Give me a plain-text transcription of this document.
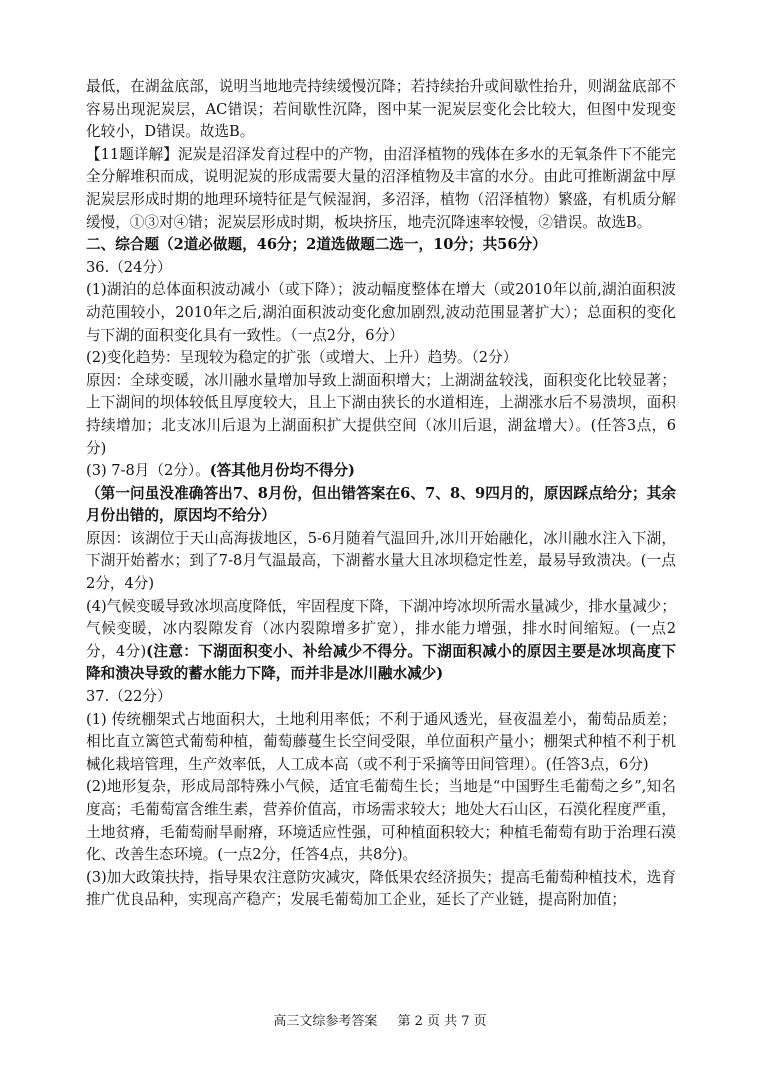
最低，在湖盆底部，说明当地地壳持续缓慢沉降；若持续抬升或间歇性抬升，则湖盆底部不容易出现泥炭层，AC错误；若间歇性沉降，图中某一泥炭层变化会比较大，但图中发现变化较小，D错误。故选B。

【11题详解】泥炭是沼泽发育过程中的产物，由沼泽植物的残体在多水的无氧条件下不能完全分解堆积而成，说明泥炭的形成需要大量的沼泽植物及丰富的水分。由此可推断湖盆中厚泥炭层形成时期的地理环境特征是气候湿润，多沼泽，植物（沼泽植物）繁盛，有机质分解缓慢，①③对④错；泥炭层形成时期，板块挤压，地壳沉降速率较慢，②错误。故选B。

二、综合题（2道必做题，46分；2道选做题二选一，10分；共56分）

36.（24分）

(1)湖泊的总体面积波动减小（或下降）；波动幅度整体在增大（或2010年以前,湖泊面积波动范围较小，2010年之后,湖泊面积波动变化愈加剧烈,波动范围显著扩大）；总面积的变化与下湖的面积变化具有一致性。（一点2分，6分）

(2)变化趋势：呈现较为稳定的扩张（或增大、上升）趋势。（2分）

原因：全球变暖，冰川融水量增加导致上湖面积增大；上湖湖盆较浅，面积变化比较显著；上下湖间的坝体较低且厚度较大，且上下湖由狭长的水道相连，上湖涨水后不易溃坝，面积持续增加；北支冰川后退为上湖面积扩大提供空间（冰川后退，湖盆增大）。(任答3点，6分)

(3) 7-8月（2分）。(答其他月份均不得分)

（第一问虽没准确答出7、8月份，但出错答案在6、7、8、9四月的，原因踩点给分；其余月份出错的，原因均不给分）

原因：该湖位于天山高海拔地区，5-6月随着气温回升,冰川开始融化，冰川融水注入下湖，下湖开始蓄水；到了7-8月气温最高，下湖蓄水量大且冰坝稳定性差，最易导致溃决。(一点2分，4分)

(4)气候变暖导致冰坝高度降低，牢固程度下降，下湖冲垮冰坝所需水量减少，排水量减少；气候变暖，冰内裂隙发育（冰内裂隙增多扩宽），排水能力增强，排水时间缩短。(一点2分，4分)(注意：下湖面积变小、补给减少不得分。下湖面积减小的原因主要是冰坝高度下降和溃决导致的蓄水能力下降，而并非是冰川融水减少)

37.（22分）

(1) 传统棚架式占地面积大，土地利用率低；不利于通风透光，昼夜温差小，葡萄品质差；相比直立篱笆式葡萄种植，葡萄藤蔓生长空间受限，单位面积产量小；棚架式种植不利于机械化栽培管理，生产效率低，人工成本高（或不利于采摘等田间管理）。(任答3点，6分)

(2)地形复杂，形成局部特殊小气候，适宜毛葡萄生长；当地是“中国野生毛葡萄之乡”,知名度高；毛葡萄富含维生素，营养价值高，市场需求较大；地处大石山区，石漠化程度严重，土地贫瘠，毛葡萄耐旱耐瘠，环境适应性强，可种植面积较大；种植毛葡萄有助于治理石漠化、改善生态环境。(一点2分，任答4点，共8分)。

(3)加大政策扶持，指导果农注意防灾减灾，降低果农经济损失；提高毛葡萄种植技术，选育推广优良品种，实现高产稳产；发展毛葡萄加工企业，延长了产业链，提高附加值；

高三文综参考答案 第 2 页 共 7 页
